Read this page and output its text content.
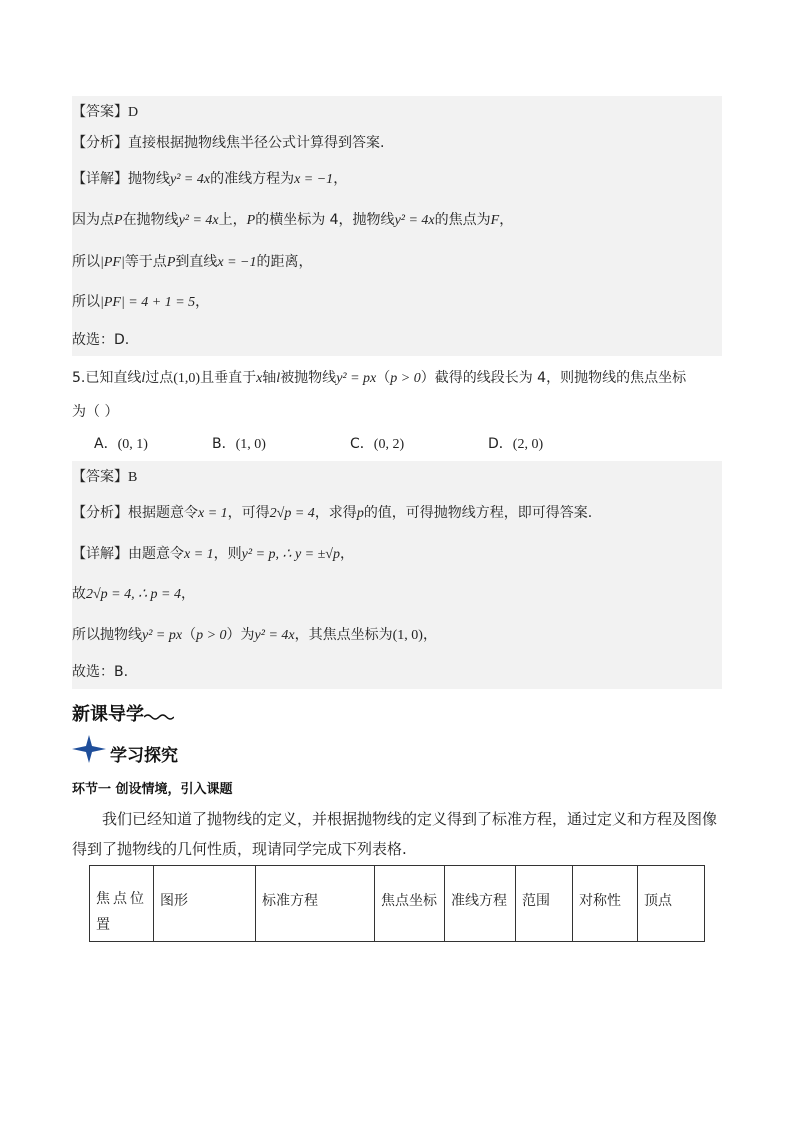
【答案】D
【分析】直接根据抛物线焦半径公式计算得到答案.
【详解】抛物线y² = 4x的准线方程为x = −1，
因为点P在抛物线y² = 4x上，P的横坐标为 4，抛物线y² = 4x的焦点为F，
所以|PF|等于点P到直线x = −1的距离，
所以|PF| = 4 + 1 = 5，
故选：D.
5.已知直线l过点(1,0)且垂直于x轴l被抛物线y² = px（p > 0）截得的线段长为 4，则抛物线的焦点坐标
为（ ）
A．(0, 1)	B．(1, 0)	C．(0, 2)	D．(2, 0)
【答案】B
【分析】根据题意令x = 1，可得2√p = 4，求得p的值，可得抛物线方程，即可得答案.
【详解】由题意令x = 1，则y² = p, ∴ y = ±√p，
故2√p = 4, ∴ p = 4，
所以抛物线y² = px（p > 0）为y² = 4x，其焦点坐标为(1, 0)，
故选：B.
新课导学
学习探究
环节一 创设情境，引入课题
我们已经知道了抛物线的定义，并根据抛物线的定义得到了标准方程，通过定义和方程及图像得到了抛物线的几何性质，现请同学完成下列表格.
焦点位置	图形	标准方程	焦点坐标	准线方程	范围	对称性	顶点
